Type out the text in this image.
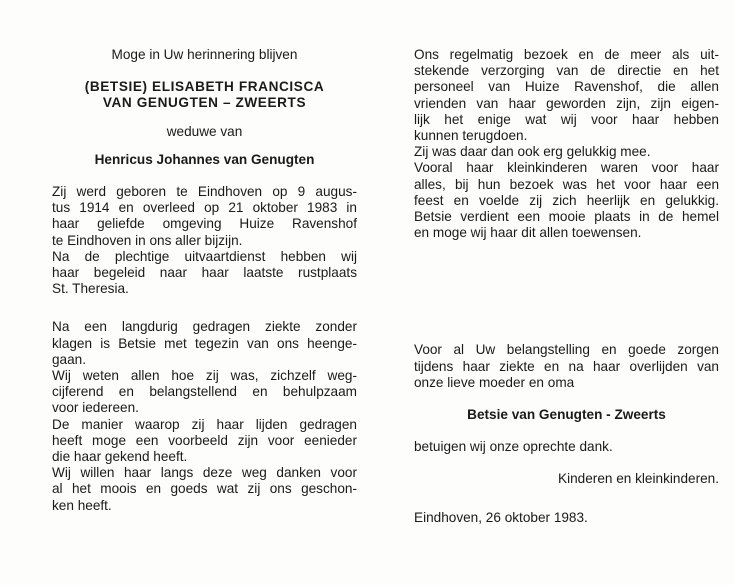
Moge in Uw herinnering blijven
(BETSIE) ELISABETH FRANCISCA
VAN GENUGTEN – ZWEERTS
weduwe van
Henricus Johannes van Genugten
Zij werd geboren te Eindhoven op 9 augus-
tus 1914 en overleed op 21 oktober 1983 in
haar geliefde omgeving Huize Ravenshof
te Eindhoven in ons aller bijzijn.
Na de plechtige uitvaartdienst hebben wij
haar begeleid naar haar laatste rustplaats
St. Theresia.
Na een langdurig gedragen ziekte zonder
klagen is Betsie met tegezin van ons heenge-
gaan.
Wij weten allen hoe zij was, zichzelf weg-
cijferend en belangstellend en behulpzaam
voor iedereen.
De manier waarop zij haar lijden gedragen
heeft moge een voorbeeld zijn voor eenieder
die haar gekend heeft.
Wij willen haar langs deze weg danken voor
al het moois en goeds wat zij ons geschon-
ken heeft.
Ons regelmatig bezoek en de meer als uit-
stekende verzorging van de directie en het
personeel van Huize Ravenshof, die allen
vrienden van haar geworden zijn, zijn eigen-
lijk het enige wat wij voor haar hebben
kunnen terugdoen.
Zij was daar dan ook erg gelukkig mee.
Vooral haar kleinkinderen waren voor haar
alles, bij hun bezoek was het voor haar een
feest en voelde zij zich heerlijk en gelukkig.
Betsie verdient een mooie plaats in de hemel
en moge wij haar dit allen toewensen.
Voor al Uw belangstelling en goede zorgen
tijdens haar ziekte en na haar overlijden van
onze lieve moeder en oma
Betsie van Genugten - Zweerts
betuigen wij onze oprechte dank.
Kinderen en kleinkinderen.
Eindhoven, 26 oktober 1983.
